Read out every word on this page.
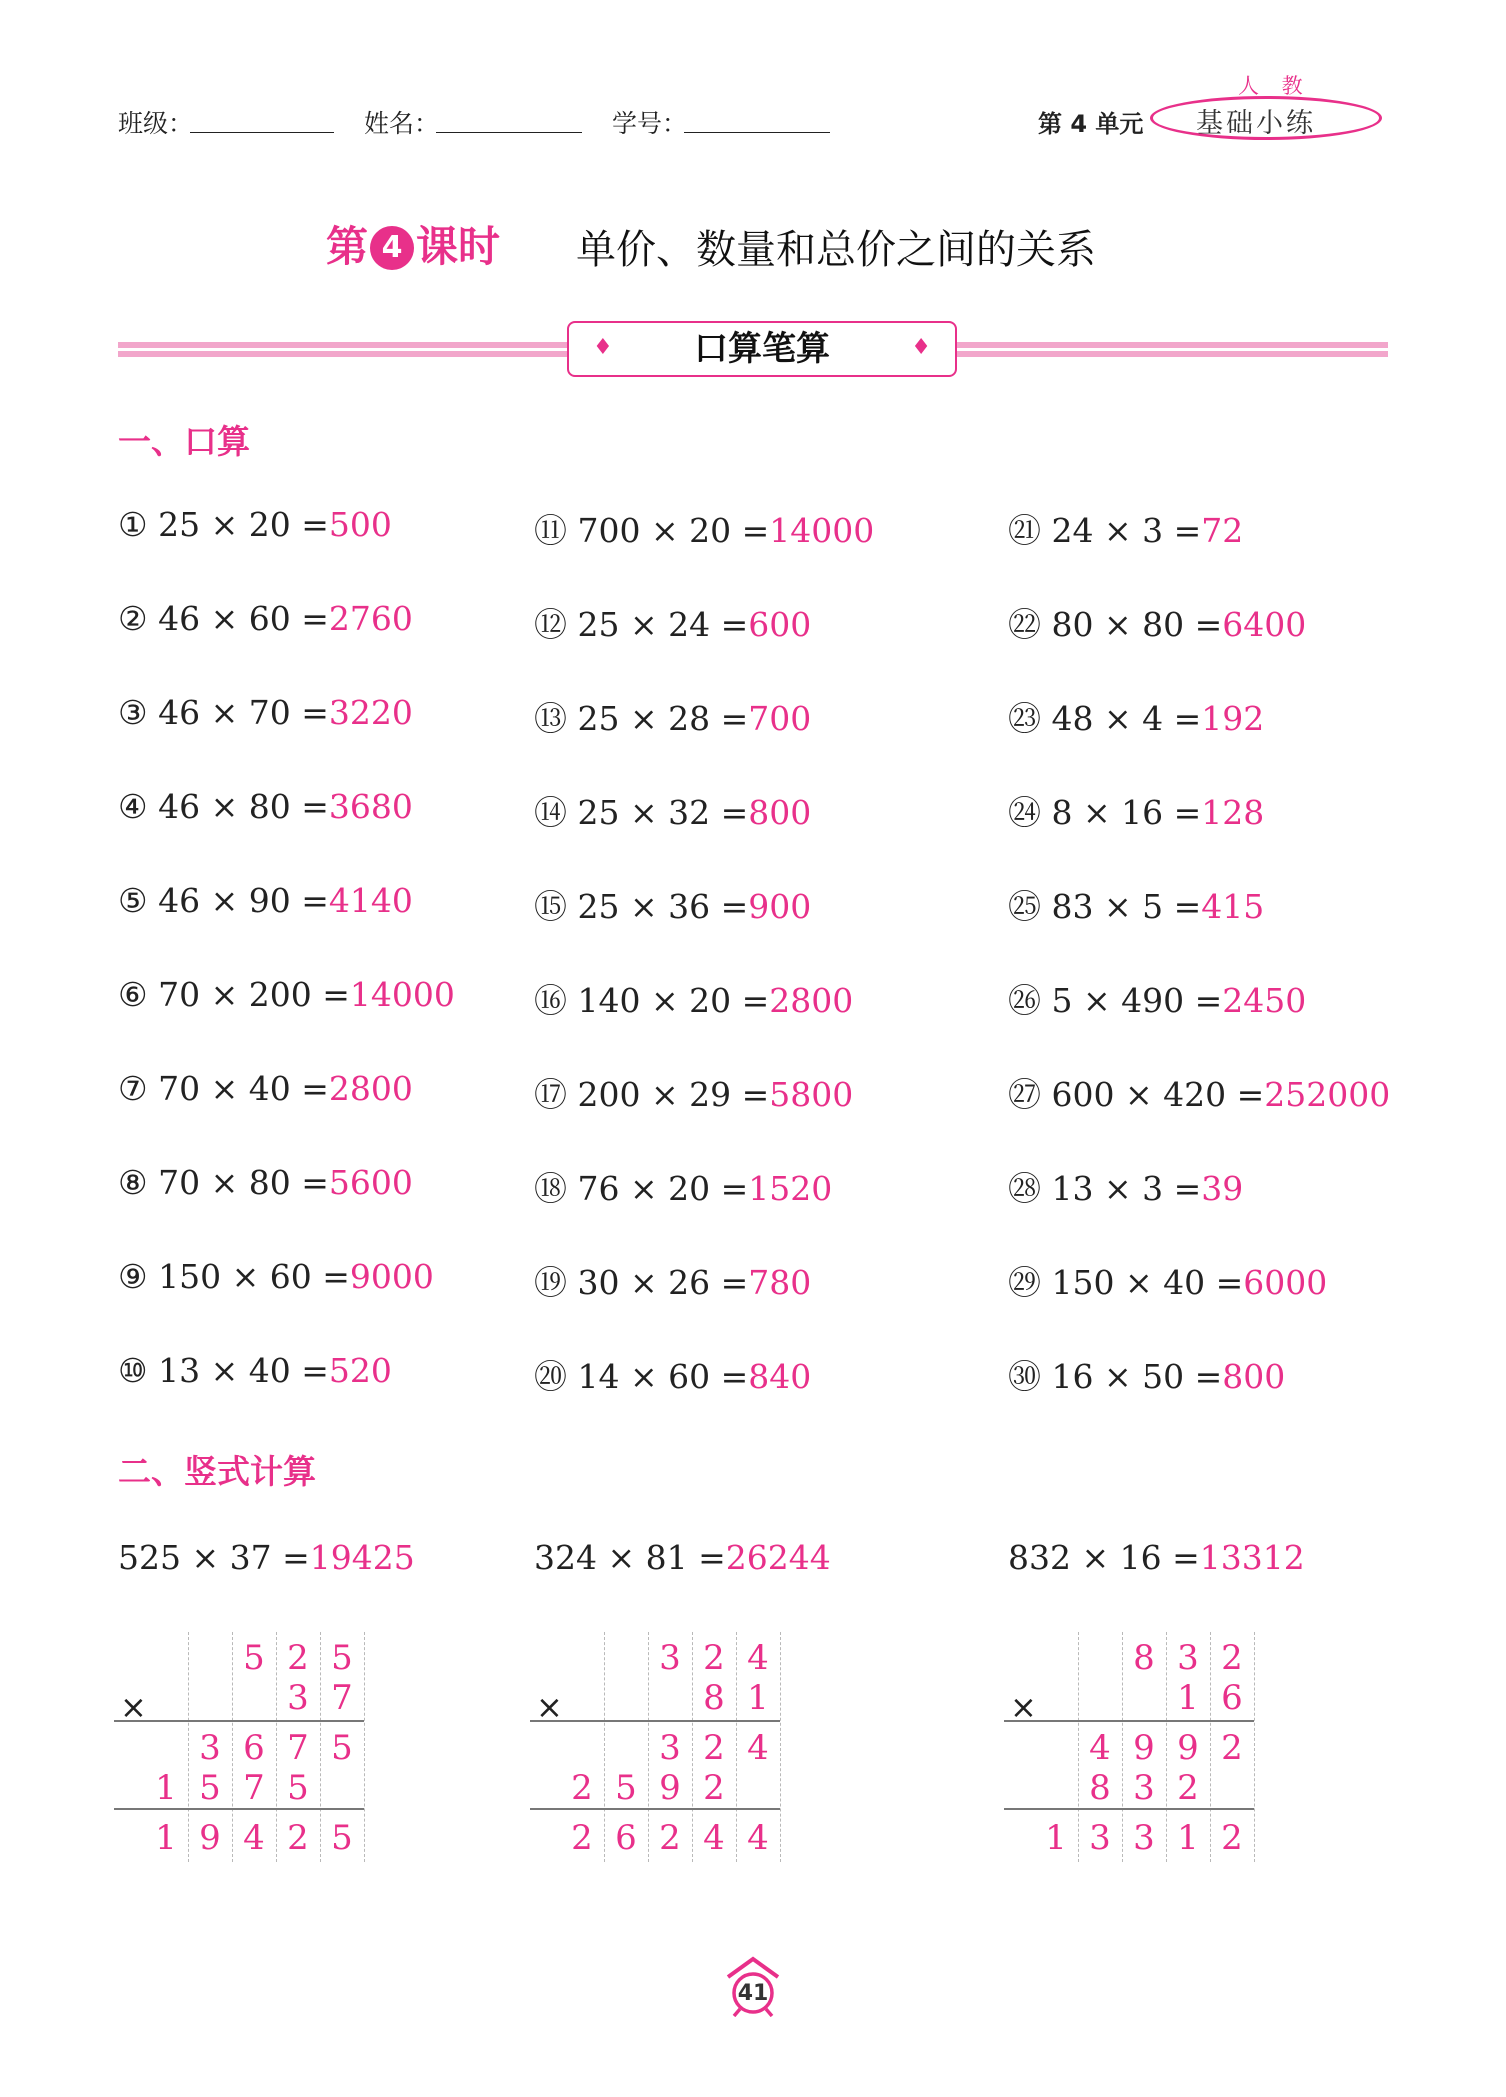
班级：	姓名：	学号：	第 4 单元
人 教
基础小练
第 4 课时 单价、数量和总价之间的关系
♦ 口算笔算	♦
一、口算
① 25 × 20 =500
② 46 × 60 =2760
③ 46 × 70 =3220
④ 46 × 80 =3680
⑤ 46 × 90 =4140
⑥ 70 × 200 =14000
⑦ 70 × 40 =2800
⑧ 70 × 80 =5600
⑨ 150 × 60 =9000
⑩ 13 × 40 =520
⑪ 700 × 20 =14000
⑫ 25 × 24 =600
⑬ 25 × 28 =700
⑭ 25 × 32 =800
⑮ 25 × 36 =900
⑯ 140 × 20 =2800
⑰ 200 × 29 =5800
⑱ 76 × 20 =1520
⑲ 30 × 26 =780
⑳ 14 × 60 =840
㉑ 24 × 3 =72
㉒ 80 × 80 =6400
㉓ 48 × 4 =192
㉔ 8 × 16 =128
㉕ 83 × 5 =415
㉖ 5 × 490 =2450
㉗ 600 × 420 =252000
㉘ 13 × 3 =39
㉙ 150 × 40 =6000
㉚ 16 × 50 =800
二、竖式计算
525 × 37 =19425
×
5 2 5
3 7
3 6 7 5
1 5 7 5
1 9 4 2 5
324 × 81 =26244
×
3 2 4
8 1
3 2 4
2 5 9 2
2 6 2 4 4
832 × 16 =13312
×
8 3 2
1 6
4 9 9 2
8 3 2
1 3 3 1 2
41
